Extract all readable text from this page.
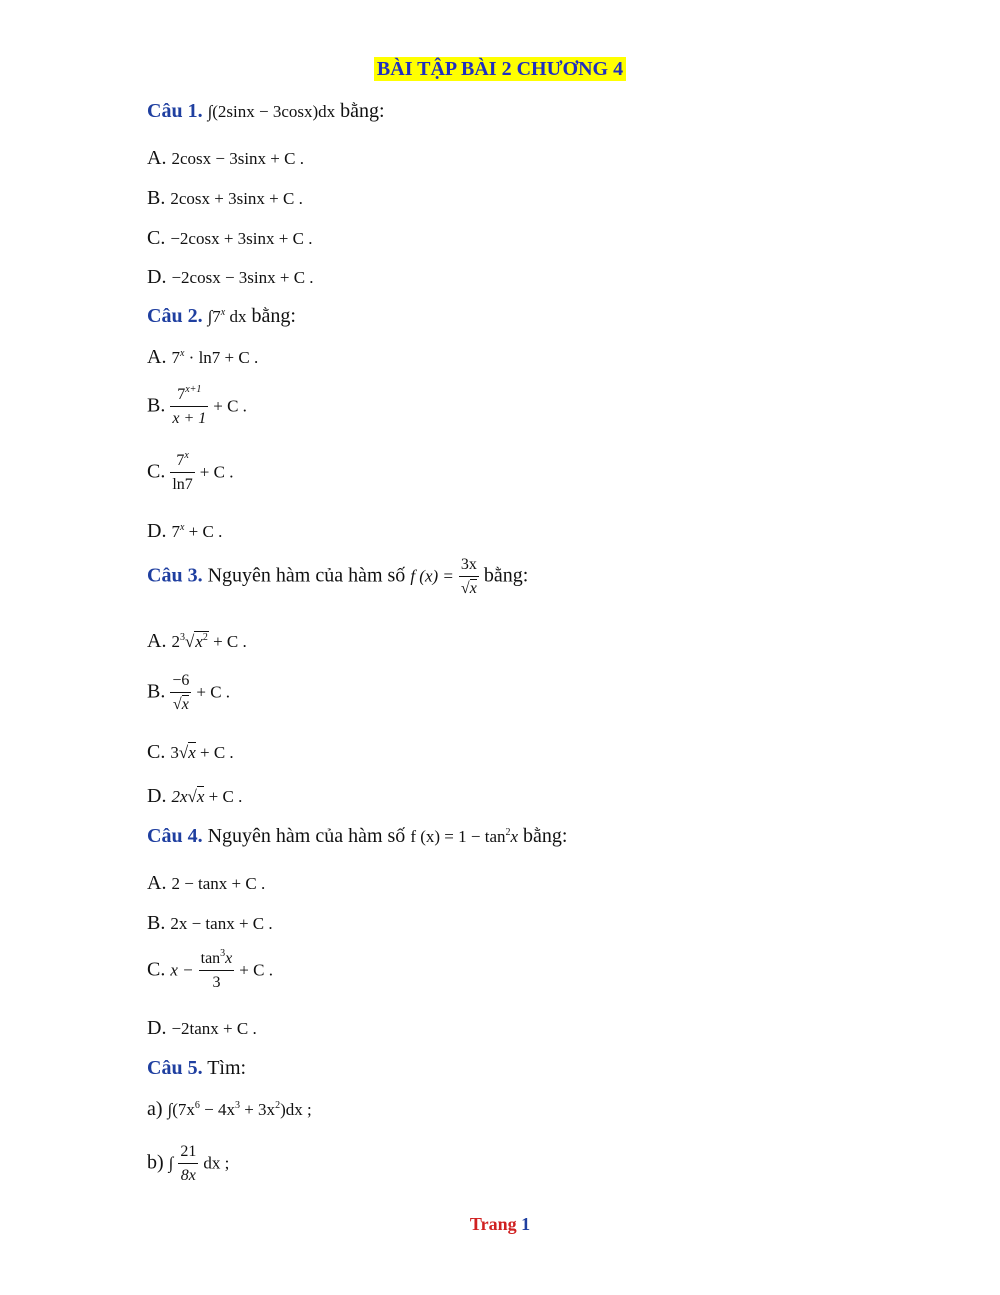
BÀI TẬP BÀI 2 CHƯƠNG 4
Câu 1. ∫(2sinx − 3cosx)dx bằng:
A. 2cosx − 3sinx + C .
B. 2cosx + 3sinx + C .
C. −2cosx + 3sinx + C .
D. −2cosx − 3sinx + C .
Câu 2. ∫7$^x$ dx bằng:
A. $7^x \cdot \ln 7 + C$ .
B. $\frac{7^{x+1}}{x + 1} + C$ .
C. $\frac{7^x}{\ln 7} + C$ .
D. $7^x + C$ .
Câu 3. Nguyên hàm của hàm số f $(x) = \frac{3x}{√x}$ bằng:
A. $2^3√x^2 + C$ .
B. $\frac{-6}{√x} + C$ .
C. 3√x + C .
D. 2x√x + C .
Câu 4. Nguyên hàm của hàm số f $(x) = 1 - \tan^2x$ bằng:
A. 2 − tanx + C .
B. 2x − tanx + C .
C. $x - \frac{\tan^3x}{3} + C$ .
D. −2tanx + C .
Câu 5. Tìm:
a) $\int(7x^6 - 4x^3 + 3x^2)dx$ ;
b) ∫ $\frac{21}{8x}$ dx ;
Trang 1
